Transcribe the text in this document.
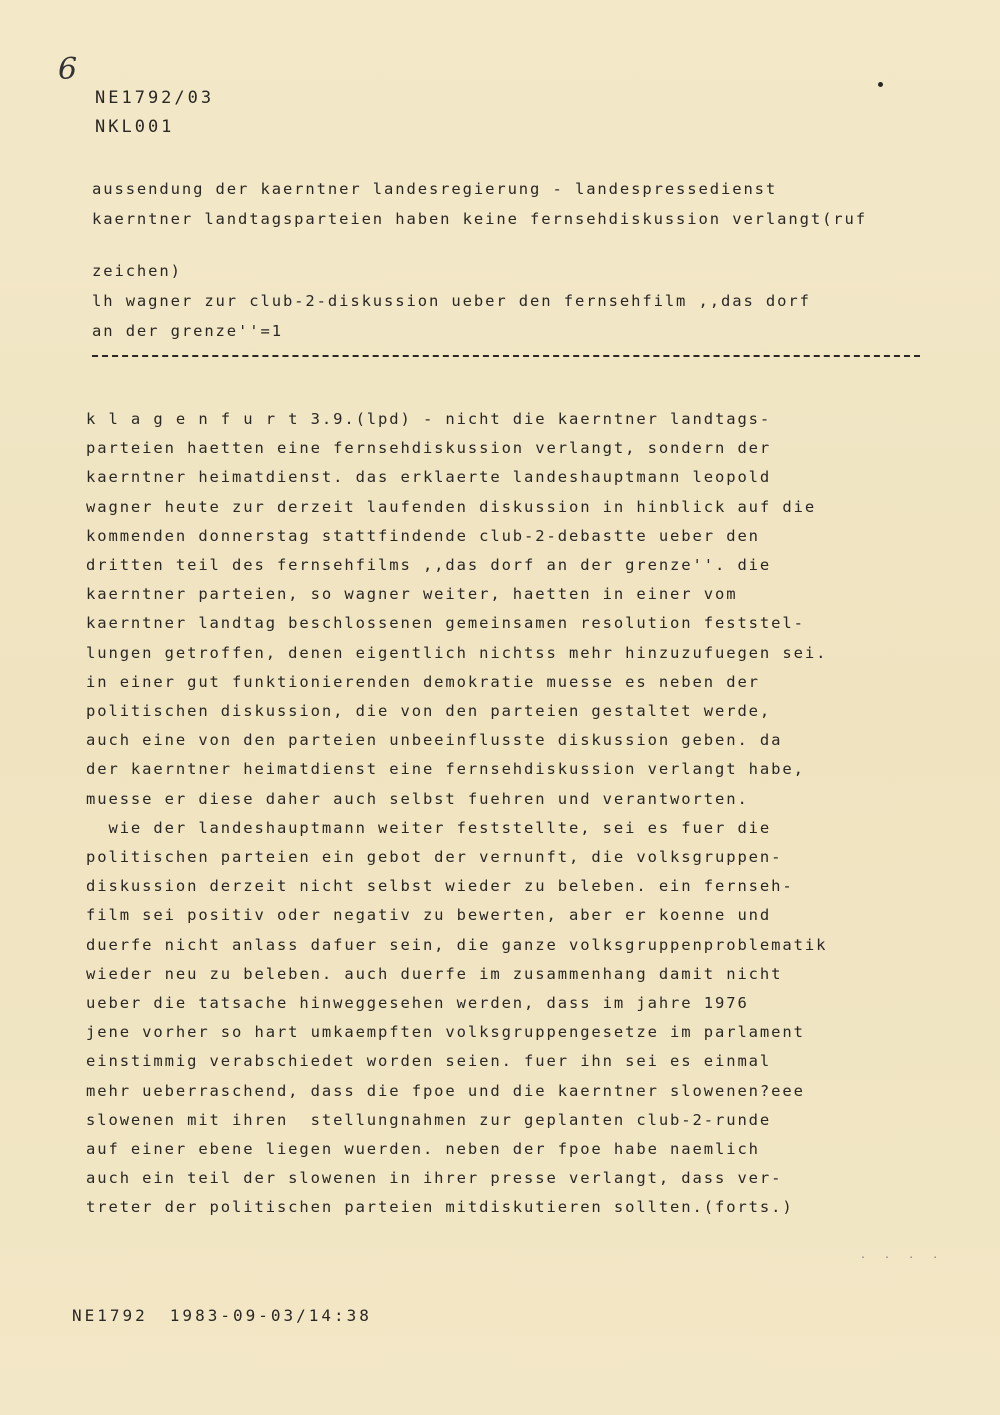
6
NE1792/03
NKL001
aussendung der kaerntner landesregierung - landespressedienst
kaerntner landtagsparteien haben keine fernsehdiskussion verlangt(ruf
zeichen)
lh wagner zur club-2-diskussion ueber den fernsehfilm ,,das dorf
an der grenze''=1
k l a g e n f u r t 3.9.(lpd) - nicht die kaerntner landtags-
parteien haetten eine fernsehdiskussion verlangt, sondern der
kaerntner heimatdienst. das erklaerte landeshauptmann leopold
wagner heute zur derzeit laufenden diskussion in hinblick auf die
kommenden donnerstag stattfindende club-2-debastte ueber den
dritten teil des fernsehfilms ,,das dorf an der grenze''. die
kaerntner parteien, so wagner weiter, haetten in einer vom
kaerntner landtag beschlossenen gemeinsamen resolution feststel-
lungen getroffen, denen eigentlich nichtss mehr hinzuzufuegen sei.
in einer gut funktionierenden demokratie muesse es neben der
politischen diskussion, die von den parteien gestaltet werde,
auch eine von den parteien unbeeinflusste diskussion geben. da
der kaerntner heimatdienst eine fernsehdiskussion verlangt habe,
muesse er diese daher auch selbst fuehren und verantworten.
wie der landeshauptmann weiter feststellte, sei es fuer die
politischen parteien ein gebot der vernunft, die volksgruppen-
diskussion derzeit nicht selbst wieder zu beleben. ein fernseh-
film sei positiv oder negativ zu bewerten, aber er koenne und
duerfe nicht anlass dafuer sein, die ganze volksgruppenproblematik
wieder neu zu beleben. auch duerfe im zusammenhang damit nicht
ueber die tatsache hinweggesehen werden, dass im jahre 1976
jene vorher so hart umkaempften volksgruppengesetze im parlament
einstimmig verabschiedet worden seien. fuer ihn sei es einmal
mehr ueberraschend, dass die fpoe und die kaerntner slowenen?eee
slowenen mit ihren  stellungnahmen zur geplanten club-2-runde
auf einer ebene liegen wuerden. neben der fpoe habe naemlich
auch ein teil der slowenen in ihrer presse verlangt, dass ver-
treter der politischen parteien mitdiskutieren sollten.(forts.)
. . . .
NE1792 1983-09-03/14:38
